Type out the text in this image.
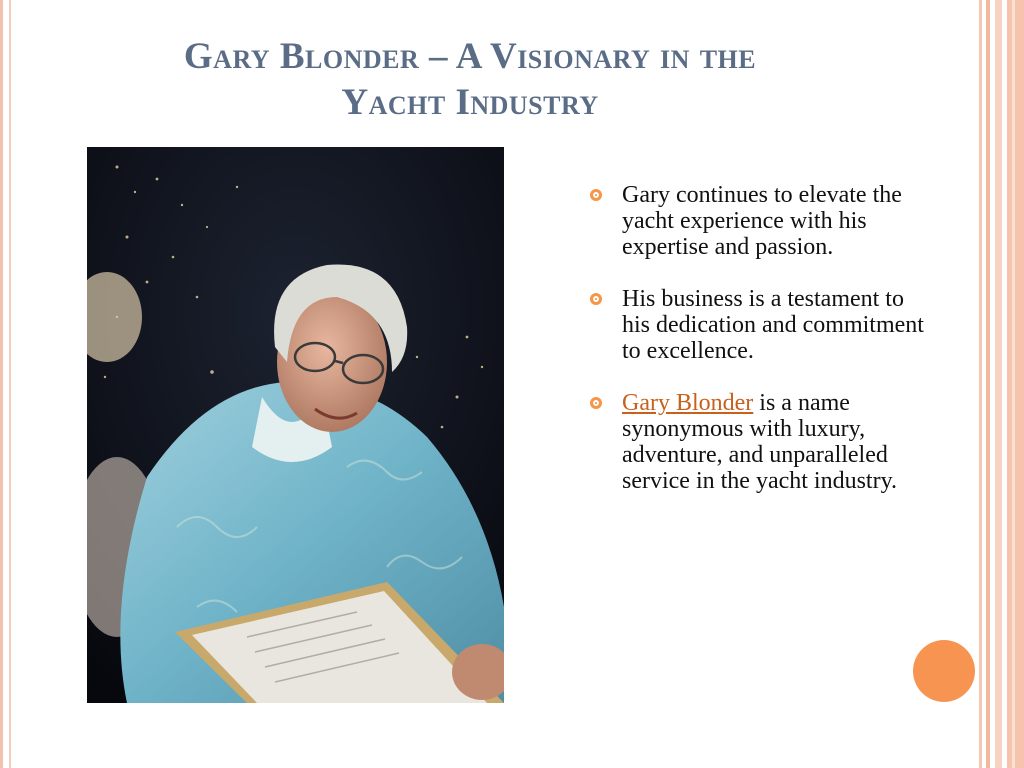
Gary Blonder – A Visionary in the
Yacht Industry
Gary continues to elevate the yacht experience with his expertise and passion.
His business is a testament to his dedication and commitment to excellence.
Gary Blonder is a name synonymous with luxury, adventure, and unparalleled service in the yacht industry.
